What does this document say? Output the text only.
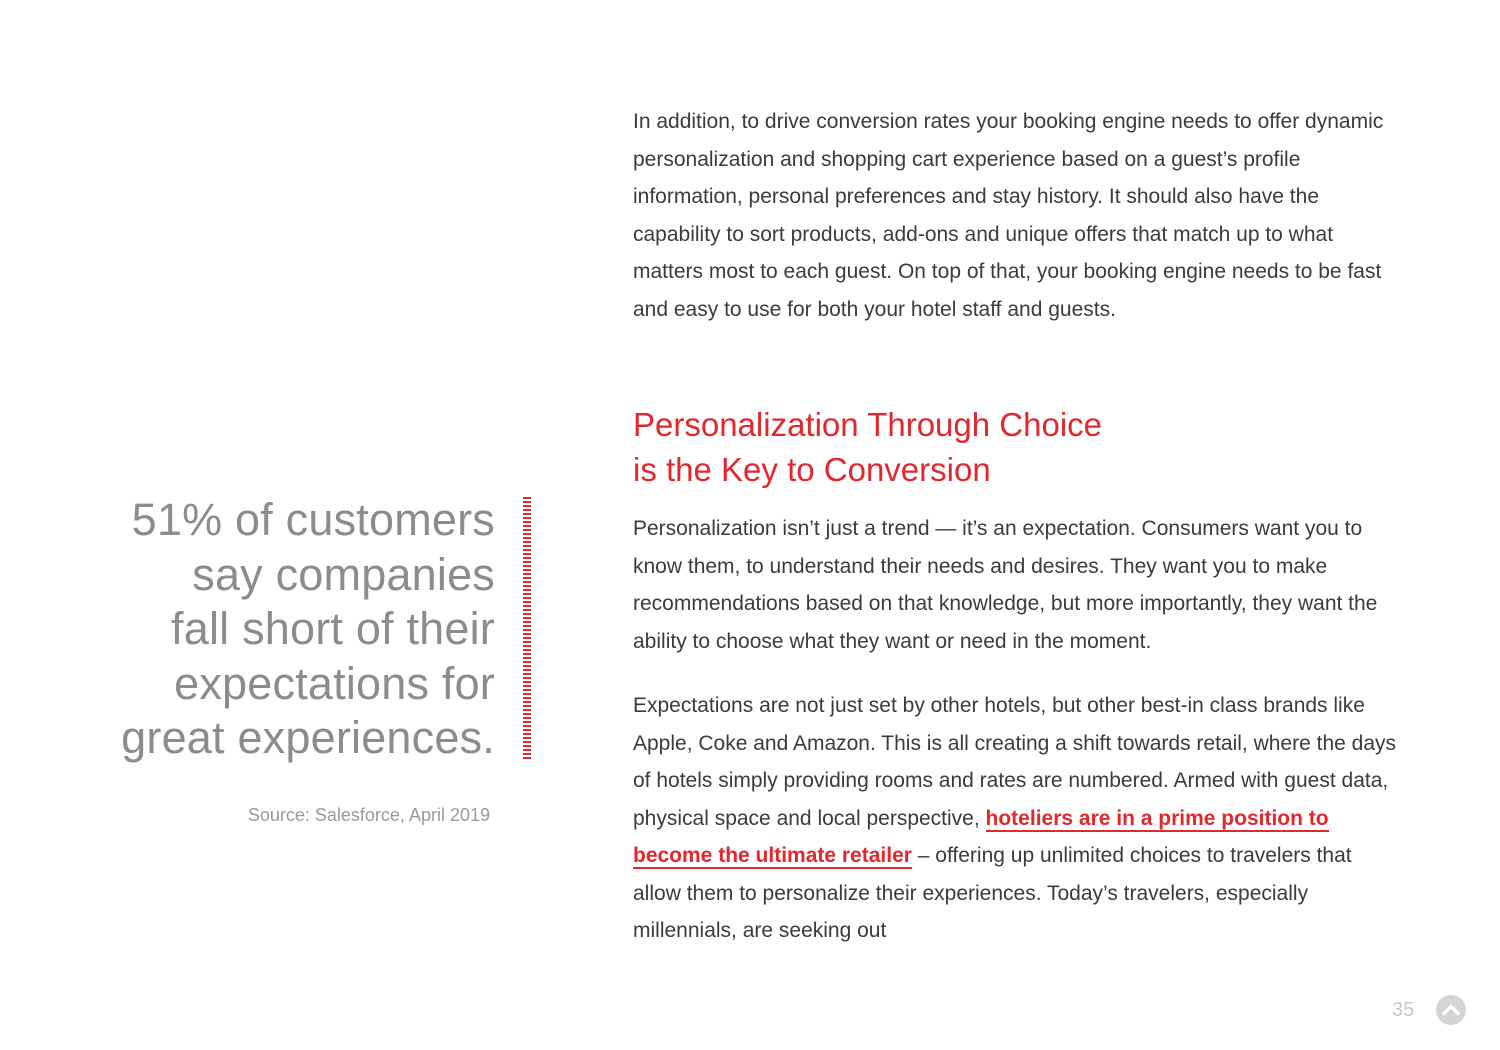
In addition, to drive conversion rates your booking engine needs to offer dynamic personalization and shopping cart experience based on a guest’s profile information, personal preferences and stay history. It should also have the capability to sort products, add-ons and unique offers that match up to what matters most to each guest. On top of that, your booking engine needs to be fast and easy to use for both your hotel staff and guests.

Personalization Through Choice
is the Key to Conversion

Personalization isn’t just a trend — it’s an expectation. Consumers want you to know them, to understand their needs and desires. They want you to make recommendations based on that knowledge, but more importantly, they want the ability to choose what they want or need in the moment.

Expectations are not just set by other hotels, but other best-in class brands like Apple, Coke and Amazon. This is all creating a shift towards retail, where the days of hotels simply providing rooms and rates are numbered. Armed with guest data, physical space and local perspective, hoteliers are in a prime position to become the ultimate retailer – offering up unlimited choices to travelers that allow them to personalize their experiences. Today’s travelers, especially millennials, are seeking out

51% of customers
say companies
fall short of their
expectations for
great experiences.
Source: Salesforce, April 2019
35
